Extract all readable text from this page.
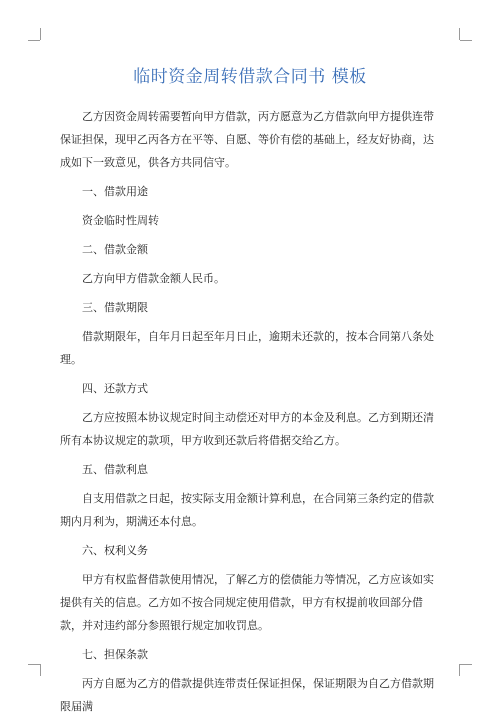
临时资金周转借款合同书 模板

乙方因资金周转需要暂向甲方借款，丙方愿意为乙方借款向甲方提供连带保证担保，现甲乙丙各方在平等、自愿、等价有偿的基础上，经友好协商，达成如下一致意见，供各方共同信守。

一、借款用途

资金临时性周转

二、借款金额

乙方向甲方借款金额人民币。

三、借款期限

借款期限年，自年月日起至年月日止，逾期未还款的，按本合同第八条处理。

四、还款方式

乙方应按照本协议规定时间主动偿还对甲方的本金及利息。乙方到期还清所有本协议规定的款项，甲方收到还款后将借据交给乙方。

五、借款利息

自支用借款之日起，按实际支用金额计算利息，在合同第三条约定的借款期内月利为，期满还本付息。

六、权利义务

甲方有权监督借款使用情况，了解乙方的偿债能力等情况，乙方应该如实提供有关的信息。乙方如不按合同规定使用借款，甲方有权提前收回部分借款，并对违约部分参照银行规定加收罚息。

七、担保条款

丙方自愿为乙方的借款提供连带责任保证担保，保证期限为自乙方借款期限届满
